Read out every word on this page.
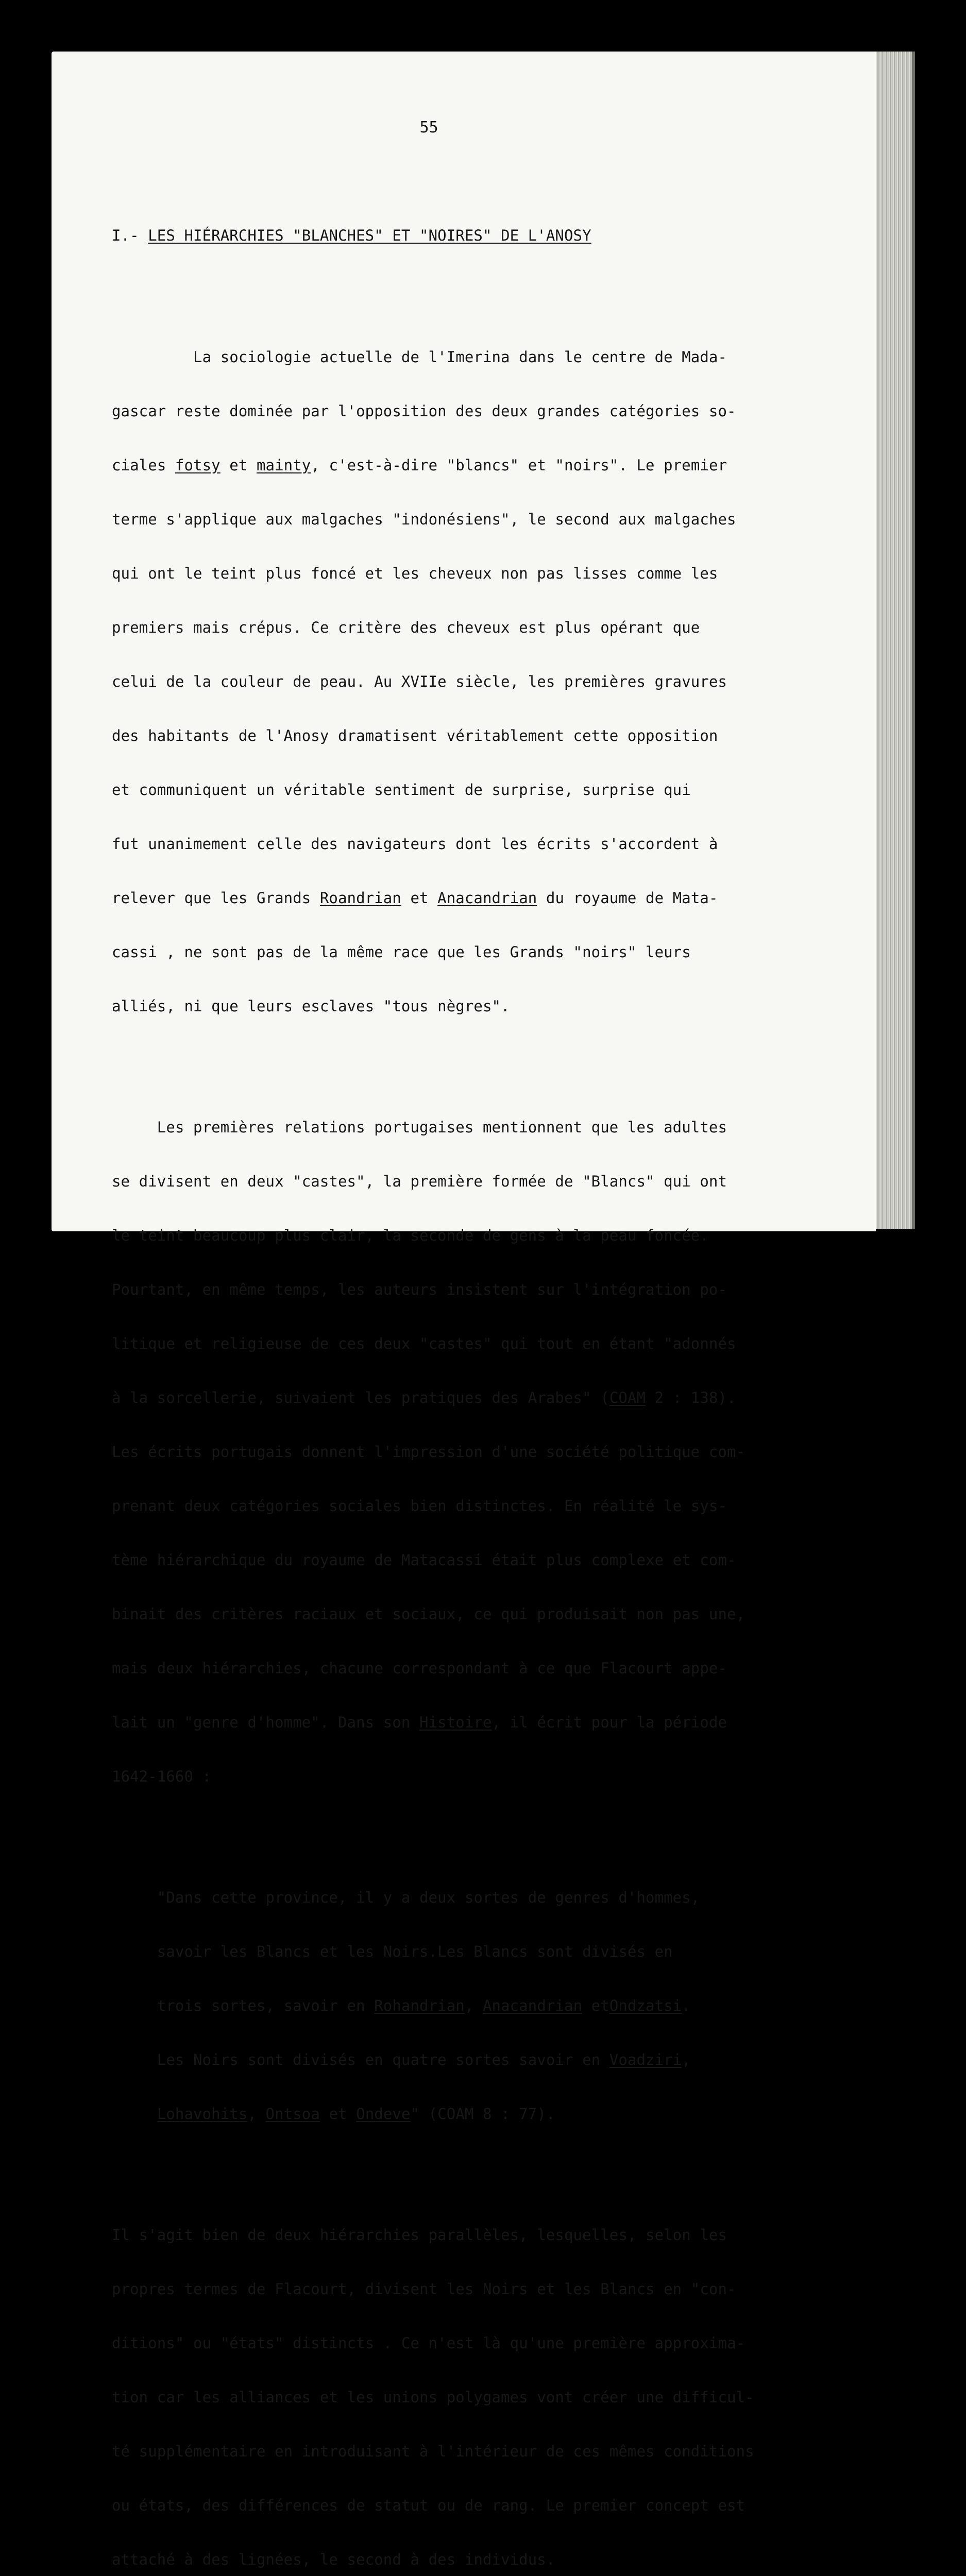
55

I.- LES HIÉRARCHIES "BLANCHES" ET "NOIRES" DE L'ANOSY

La sociologie actuelle de l'Imerina dans le centre de Mada-

gascar reste dominée par l'opposition des deux grandes catégories so-

ciales fotsy et mainty, c'est-à-dire "blancs" et "noirs". Le premier

terme s'applique aux malgaches "indonésiens", le second aux malgaches

qui ont le teint plus foncé et les cheveux non pas lisses comme les

premiers mais crépus. Ce critère des cheveux est plus opérant que

celui de la couleur de peau. Au XVIIe siècle, les premières gravures

des habitants de l'Anosy dramatisent véritablement cette opposition

et communiquent un véritable sentiment de surprise, surprise qui

fut unanimement celle des navigateurs dont les écrits s'accordent à

relever que les Grands Roandrian et Anacandrian du royaume de Mata-

cassi , ne sont pas de la même race que les Grands "noirs" leurs

alliés, ni que leurs esclaves "tous nègres".

Les premières relations portugaises mentionnent que les adultes

se divisent en deux "castes", la première formée de "Blancs" qui ont

le teint beaucoup plus clair, la seconde de gens à la peau foncée.

Pourtant, en même temps, les auteurs insistent sur l'intégration po-

litique et religieuse de ces deux "castes" qui tout en étant "adonnés

à la sorcellerie, suivaient les pratiques des Arabes" (COAM 2 : 138).

Les écrits portugais donnent l'impression d'une société politique com-

prenant deux catégories sociales bien distinctes. En réalité le sys-

tème hiérarchique du royaume de Matacassi était plus complexe et com-

binait des critères raciaux et sociaux, ce qui produisait non pas une,

mais deux hiérarchies, chacune correspondant à ce que Flacourt appe-

lait un "genre d'homme". Dans son Histoire, il écrit pour la période

1642-1660 :

"Dans cette province, il y a deux sortes de genres d'hommes,

savoir les Blancs et les Noirs.Les Blancs sont divisés en

trois sortes, savoir en Rohandrian, Anacandrian etOndzatsi.

Les Noirs sont divisés en quatre sortes savoir en Voadziri,

Lohavohits, Ontsoa et Ondeve" (COAM 8 : 77).

Il s'agit bien de deux hiérarchies parallèles, lesquelles, selon les

propres termes de Flacourt, divisent les Noirs et les Blancs en "con-

ditions" ou "états" distincts . Ce n'est là qu'une première approxima-

tion car les alliances et les unions polygames vont créer une difficul-

té supplémentaire en introduisant à l'intérieur de ces mêmes conditions

ou états, des différences de statut ou de rang. Le premier concept est

attaché à des lignées, le second à des individus.
